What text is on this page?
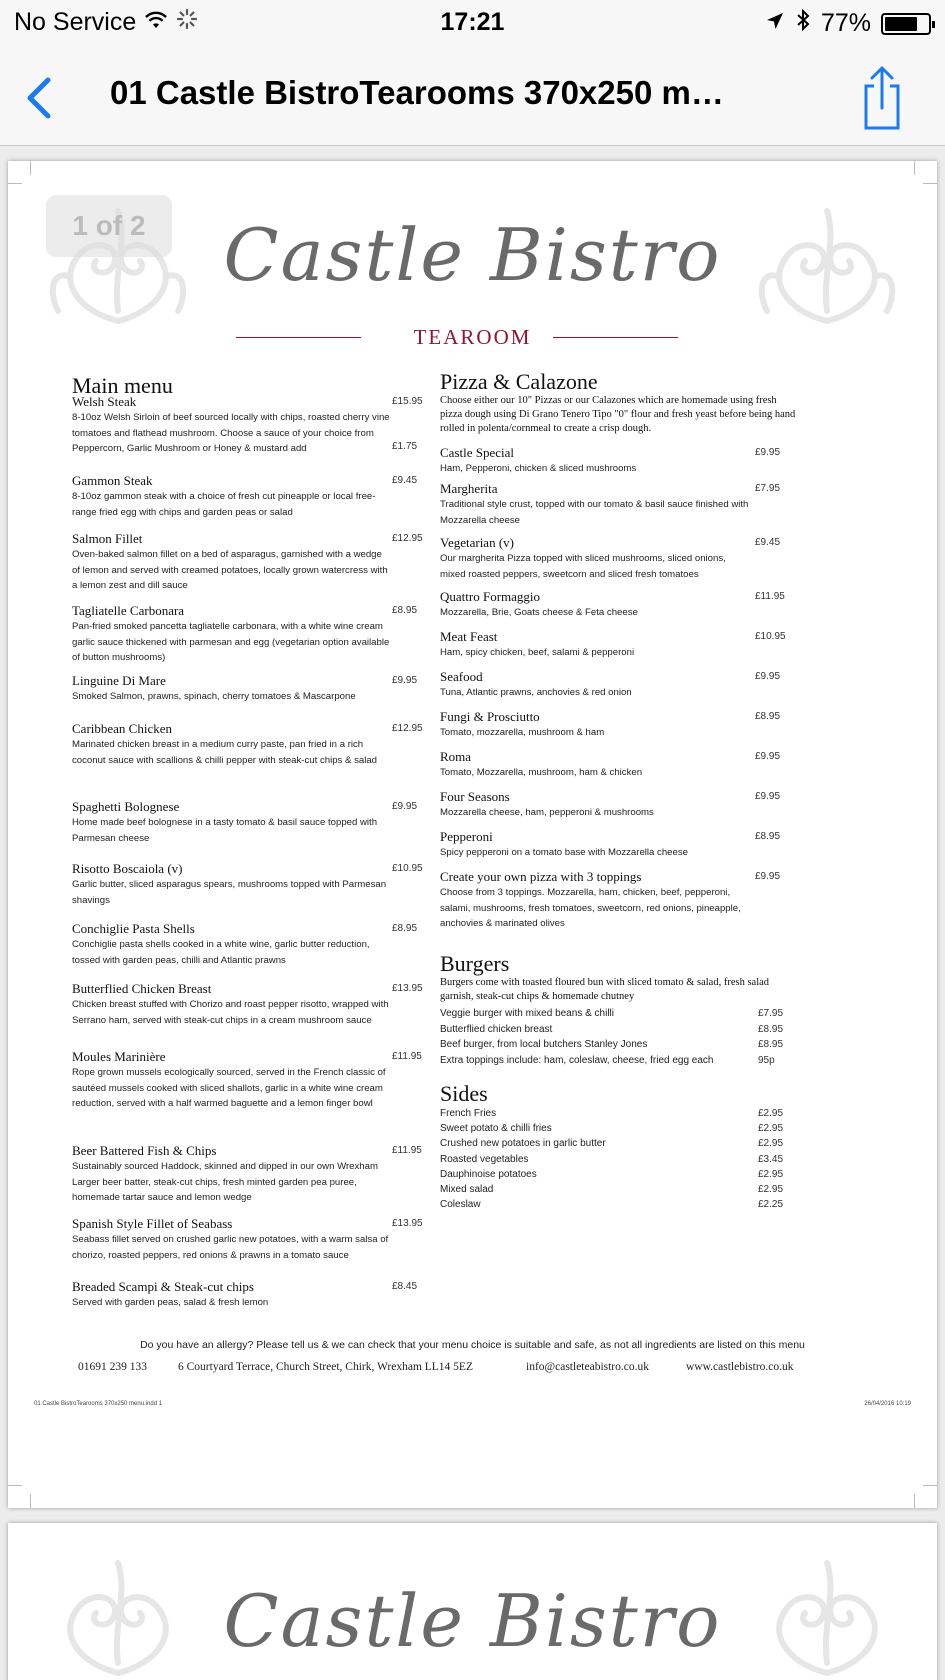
No Service	17:21	77%
01 Castle BistroTearooms 370x250 m…
1 of 2	Castle Bistro
TEAROOM
Main menu
Welsh Steak	£15.95
8-10oz Welsh Sirloin of beef sourced locally with chips, roasted cherry vine tomatoes and flathead mushroom. Choose a sauce of your choice from Peppercorn, Garlic Mushroom or Honey & mustard add	£1.75
Gammon Steak	£9.45
8-10oz gammon steak with a choice of fresh cut pineapple or local free-range fried egg with chips and garden peas or salad
Salmon Fillet	£12.95
Oven-baked salmon fillet on a bed of asparagus, garnished with a wedge of lemon and served with creamed potatoes, locally grown watercress with a lemon zest and dill sauce
Tagliatelle Carbonara	£8.95
Pan-fried smoked pancetta tagliatelle carbonara, with a white wine cream garlic sauce thickened with parmesan and egg (vegetarian option available of button mushrooms)
Linguine Di Mare	£9.95
Smoked Salmon, prawns, spinach, cherry tomatoes & Mascarpone
Caribbean Chicken	£12.95
Marinated chicken breast in a medium curry paste, pan fried in a rich coconut sauce with scallions & chilli pepper with steak-cut chips & salad
Spaghetti Bolognese	£9.95
Home made beef bolognese in a tasty tomato & basil sauce topped with Parmesan cheese
Risotto Boscaiola (v)	£10.95
Garlic butter, sliced asparagus spears, mushrooms topped with Parmesan shavings
Conchiglie Pasta Shells	£8.95
Conchiglie pasta shells cooked in a white wine, garlic butter reduction, tossed with garden peas, chilli and Atlantic prawns
Butterflied Chicken Breast	£13.95
Chicken breast stuffed with Chorizo and roast pepper risotto, wrapped with Serrano ham, served with steak-cut chips in a cream mushroom sauce
Moules Marinière	£11.95
Rope grown mussels ecologically sourced, served in the French classic of sautéed mussels cooked with sliced shallots, garlic in a white wine cream reduction, served with a half warmed baguette and a lemon finger bowl
Beer Battered Fish & Chips	£11.95
Sustainably sourced Haddock, skinned and dipped in our own Wrexham Larger beer batter, steak-cut chips, fresh minted garden pea puree, homemade tartar sauce and lemon wedge
Spanish Style Fillet of Seabass	£13.95
Seabass fillet served on crushed garlic new potatoes, with a warm salsa of chorizo, roasted peppers, red onions & prawns in a tomato sauce
Breaded Scampi & Steak-cut chips	£8.45
Served with garden peas, salad & fresh lemon
Pizza & Calazone
Choose either our 10" Pizzas or our Calazones which are homemade using fresh pizza dough using Di Grano Tenero Tipo "0" flour and fresh yeast before being hand rolled in polenta/cornmeal to create a crisp dough.
Castle Special	£9.95
Ham, Pepperoni, chicken & sliced mushrooms
Margherita	£7.95
Traditional style crust, topped with our tomato & basil sauce finished with Mozzarella cheese
Vegetarian (v)	£9.45
Our margherita Pizza topped with sliced mushrooms, sliced onions, mixed roasted peppers, sweetcorn and sliced fresh tomatoes
Quattro Formaggio	£11.95
Mozzarella, Brie, Goats cheese & Feta cheese
Meat Feast	£10.95
Ham, spicy chicken, beef, salami & pepperoni
Seafood	£9.95
Tuna, Atlantic prawns, anchovies & red onion
Fungi & Prosciutto	£8.95
Tomato, mozzarella, mushroom & ham
Roma	£9.95
Tomato, Mozzarella, mushroom, ham & chicken
Four Seasons	£9.95
Mozzarella cheese, ham, pepperoni & mushrooms
Pepperoni	£8.95
Spicy pepperoni on a tomato base with Mozzarella cheese
Create your own pizza with 3 toppings	£9.95
Choose from 3 toppings. Mozzarella, ham, chicken, beef, pepperoni, salami, mushrooms, fresh tomatoes, sweetcorn, red onions, pineapple, anchovies & marinated olives
Burgers
Burgers come with toasted floured bun with sliced tomato & salad, fresh salad garnish, steak-cut chips & homemade chutney
Veggie burger with mixed beans & chilli	£7.95
Butterflied chicken breast	£8.95
Beef burger, from local butchers Stanley Jones	£8.95
Extra toppings include: ham, coleslaw, cheese, fried egg each	95p
Sides
French Fries	£2.95
Sweet potato & chilli fries	£2.95
Crushed new potatoes in garlic butter	£2.95
Roasted vegetables	£3.45
Dauphinoise potatoes	£2.95
Mixed salad	£2.95
Coleslaw	£2.25
Do you have an allergy? Please tell us & we can check that your menu choice is suitable and safe, as not all ingredients are listed on this menu
01691 239 133	6 Courtyard Terrace, Church Street, Chirk, Wrexham LL14 5EZ	info@castleteabistro.co.uk	www.castlebistro.co.uk
01 Castle BistroTearooms 370x250 menu.indd 1	26/04/2016 10:19
Castle Bistro
